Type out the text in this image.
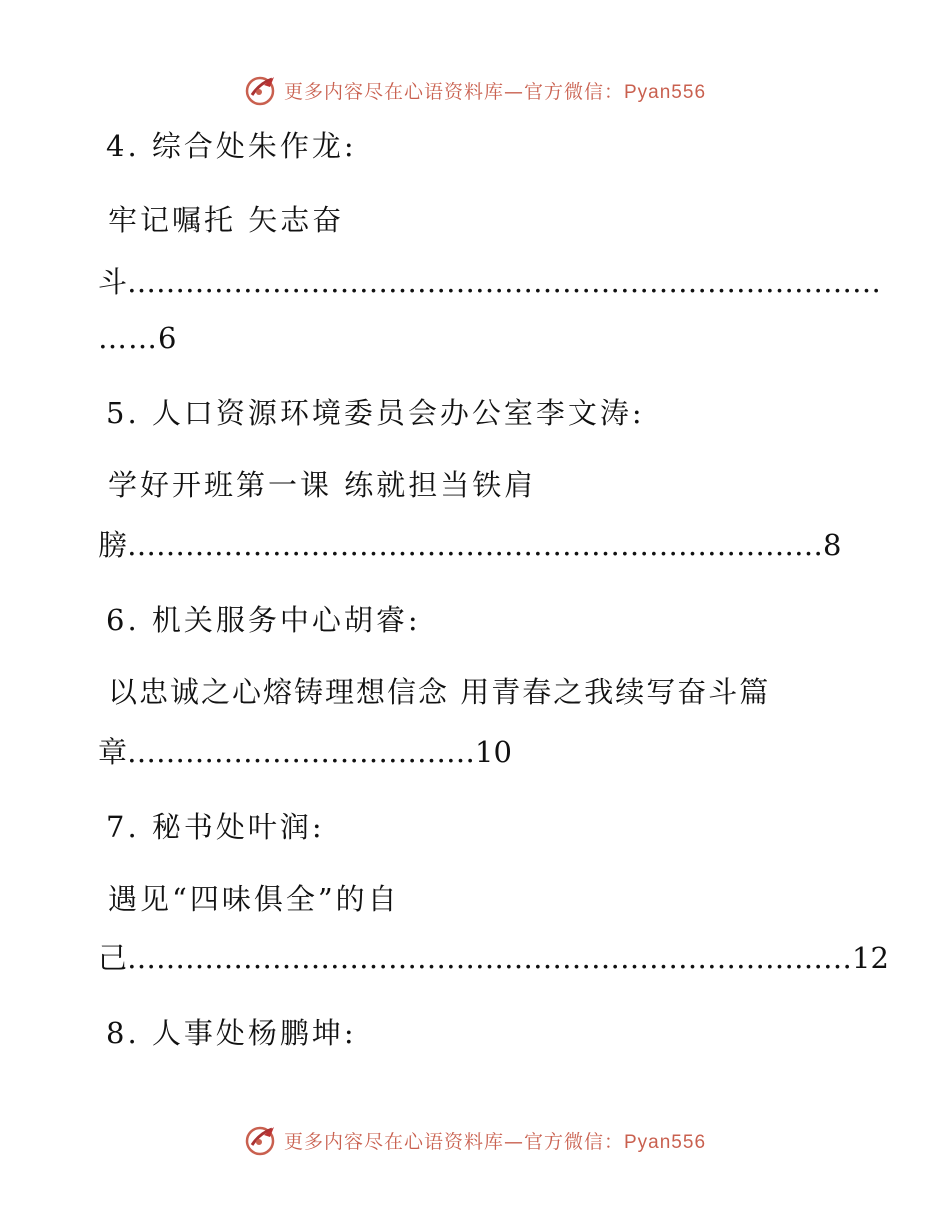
更多内容尽在心语资料库—官方微信：Pyan556
4. 综合处朱作龙:
牢记嘱托 矢志奋
斗……………………………………………………………………
……6
5. 人口资源环境委员会办公室李文涛:
学好开班第一课 练就担当铁肩
膀………………………………………………………………8
6. 机关服务中心胡睿:
以忠诚之心熔铸理想信念 用青春之我续写奋斗篇
章………………………………10
7. 秘书处叶润:
遇见“四味俱全”的自
己…………………………………………………………………12
8. 人事处杨鹏坤:
更多内容尽在心语资料库—官方微信：Pyan556
